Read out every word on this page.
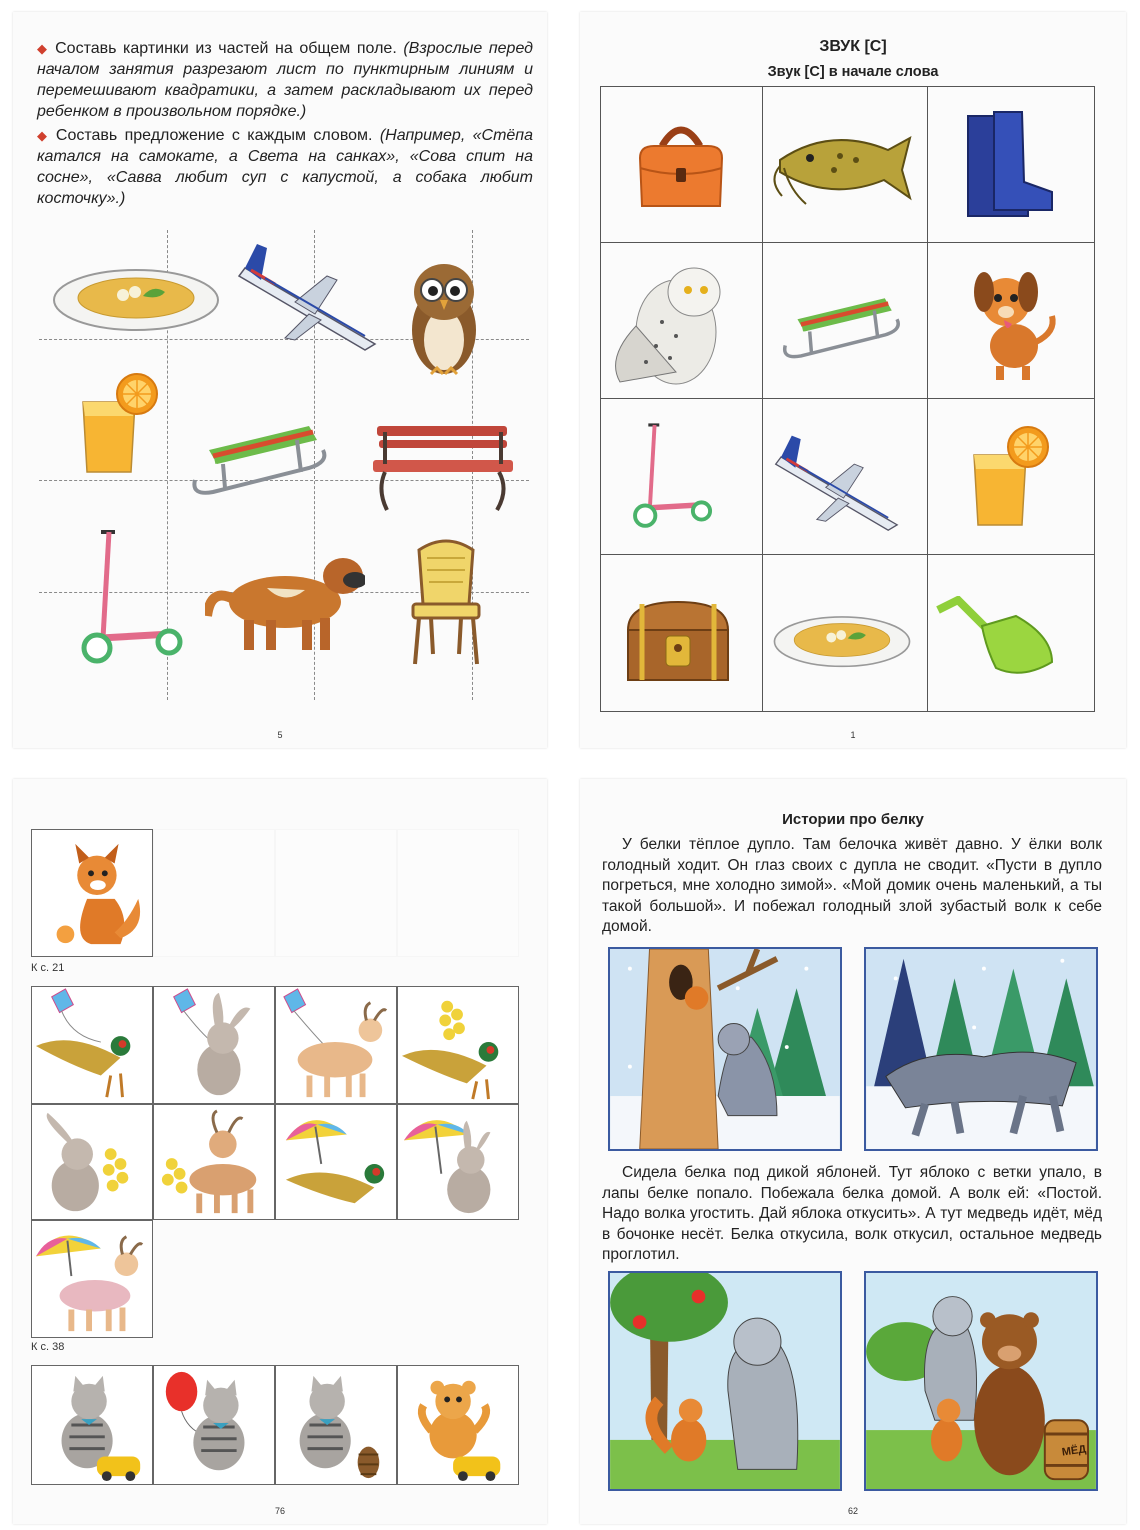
◆ Составь картинки из частей на общем поле. (Взрослые перед началом занятия разрезают лист по пунктирным линиям и перемешивают квадратики, а затем раскладывают их перед ребенком в произвольном порядке.)

◆ Составь предложение с каждым словом. (Например, «Стёпа катался на самокате, а Света на санках», «Сова спит на сосне», «Савва любит суп с капустой, а собака любит косточку».)

5
ЗВУК [С]
Звук [С] в начале слова

1
К с. 21
К с. 38
76
Истории про белку

У белки тёплое дупло. Там белочка живёт давно. У ёлки волк голодный ходит. Он глаз своих с дупла не сводит. «Пусти в дупло погреться, мне холодно зимой». «Мой домик очень маленький, а ты такой большой». И побежал голодный злой зубастый волк к себе домой.

Сидела белка под дикой яблоней. Тут яблоко с ветки упало, в лапы белке попало. Побежала белка домой. А волк ей: «Постой. Надо волка угостить. Дай яблока откусить». А тут медведь идёт, мёд в бочонке несёт. Белка откусила, волк откусил, остальное медведь проглотил.

МЁД
62
